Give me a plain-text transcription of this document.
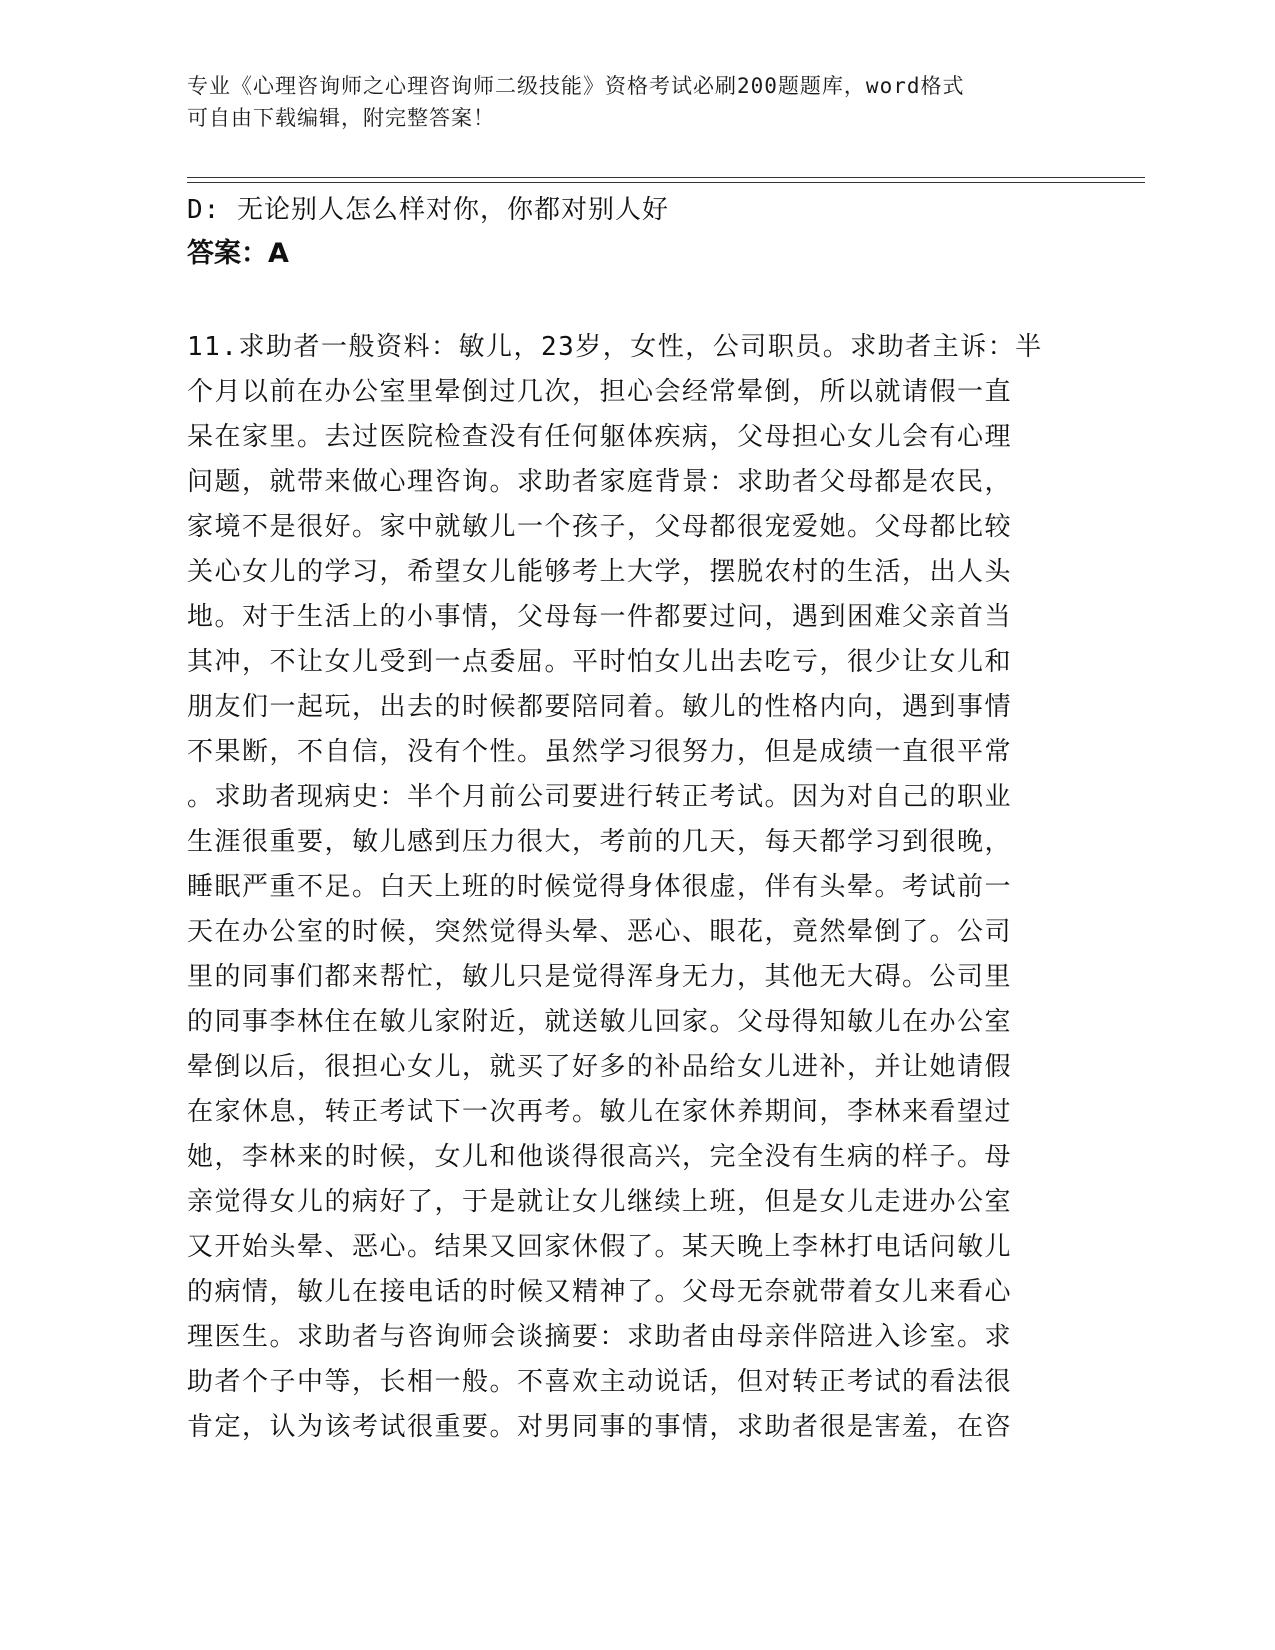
专业《心理咨询师之心理咨询师二级技能》资格考试必刷200题题库，word格式
可自由下载编辑，附完整答案！
D: 无论别人怎么样对你，你都对别人好
答案：A
11.求助者一般资料：敏儿，23岁，女性，公司职员。求助者主诉：半
个月以前在办公室里晕倒过几次，担心会经常晕倒，所以就请假一直
呆在家里。去过医院检查没有任何躯体疾病，父母担心女儿会有心理
问题，就带来做心理咨询。求助者家庭背景：求助者父母都是农民，
家境不是很好。家中就敏儿一个孩子，父母都很宠爱她。父母都比较
关心女儿的学习，希望女儿能够考上大学，摆脱农村的生活，出人头
地。对于生活上的小事情，父母每一件都要过问，遇到困难父亲首当
其冲，不让女儿受到一点委屈。平时怕女儿出去吃亏，很少让女儿和
朋友们一起玩，出去的时候都要陪同着。敏儿的性格内向，遇到事情
不果断，不自信，没有个性。虽然学习很努力，但是成绩一直很平常
。求助者现病史：半个月前公司要进行转正考试。因为对自己的职业
生涯很重要，敏儿感到压力很大，考前的几天，每天都学习到很晚，
睡眠严重不足。白天上班的时候觉得身体很虚，伴有头晕。考试前一
天在办公室的时候，突然觉得头晕、恶心、眼花，竟然晕倒了。公司
里的同事们都来帮忙，敏儿只是觉得浑身无力，其他无大碍。公司里
的同事李林住在敏儿家附近，就送敏儿回家。父母得知敏儿在办公室
晕倒以后，很担心女儿，就买了好多的补品给女儿进补，并让她请假
在家休息，转正考试下一次再考。敏儿在家休养期间，李林来看望过
她，李林来的时候，女儿和他谈得很高兴，完全没有生病的样子。母
亲觉得女儿的病好了，于是就让女儿继续上班，但是女儿走进办公室
又开始头晕、恶心。结果又回家休假了。某天晚上李林打电话问敏儿
的病情，敏儿在接电话的时候又精神了。父母无奈就带着女儿来看心
理医生。求助者与咨询师会谈摘要：求助者由母亲伴陪进入诊室。求
助者个子中等，长相一般。不喜欢主动说话，但对转正考试的看法很
肯定，认为该考试很重要。对男同事的事情，求助者很是害羞，在咨
